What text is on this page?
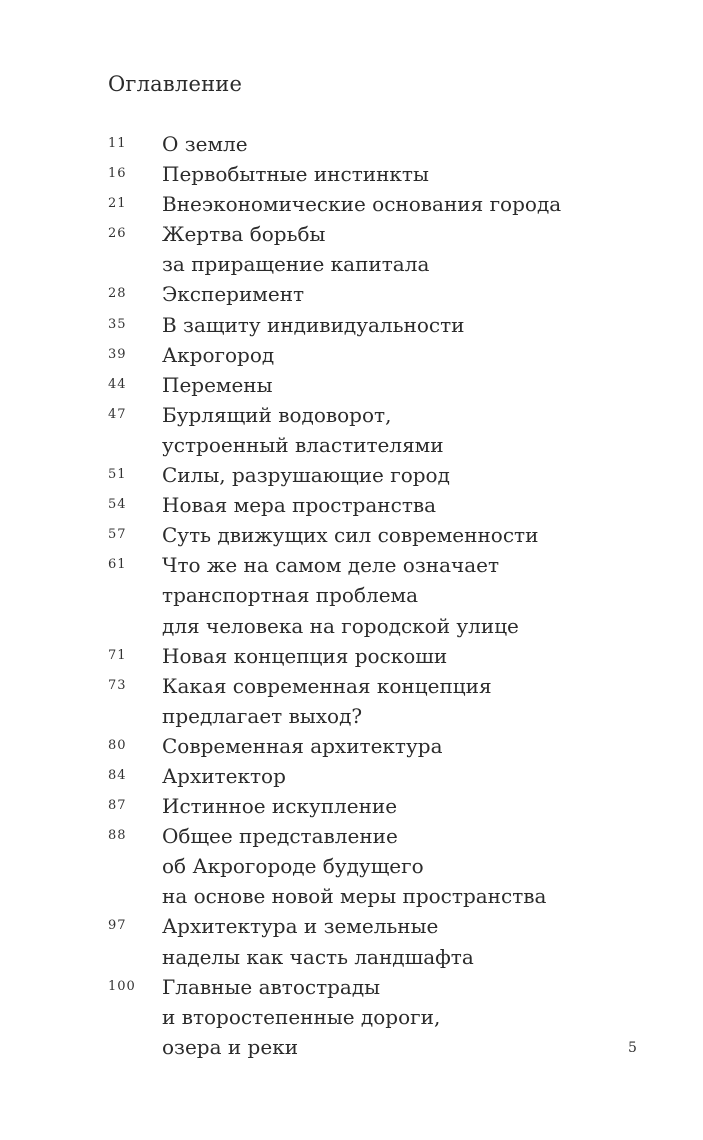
Оглавление
11 О земле
16 Первобытные инстинкты
21 Внеэкономические основания города
26 Жертва борьбы
за приращение капитала
28 Эксперимент
35 В защиту индивидуальности
39 Акрогород
44 Перемены
47 Бурлящий водоворот,
устроенный властителями
51 Силы, разрушающие город
54 Новая мера пространства
57 Суть движущих сил современности
61 Что же на самом деле означает
транспортная проблема
для человека на городской улице
71 Новая концепция роскоши
73 Какая современная концепция
предлагает выход?
80 Современная архитектура
84 Архитектор
87 Истинное искупление
88 Общее представление
об Акрогороде будущего
на основе новой меры пространства
97 Архитектура и земельные
наделы как часть ландшафта
100 Главные автострады
и второстепенные дороги,
озера и реки	5
